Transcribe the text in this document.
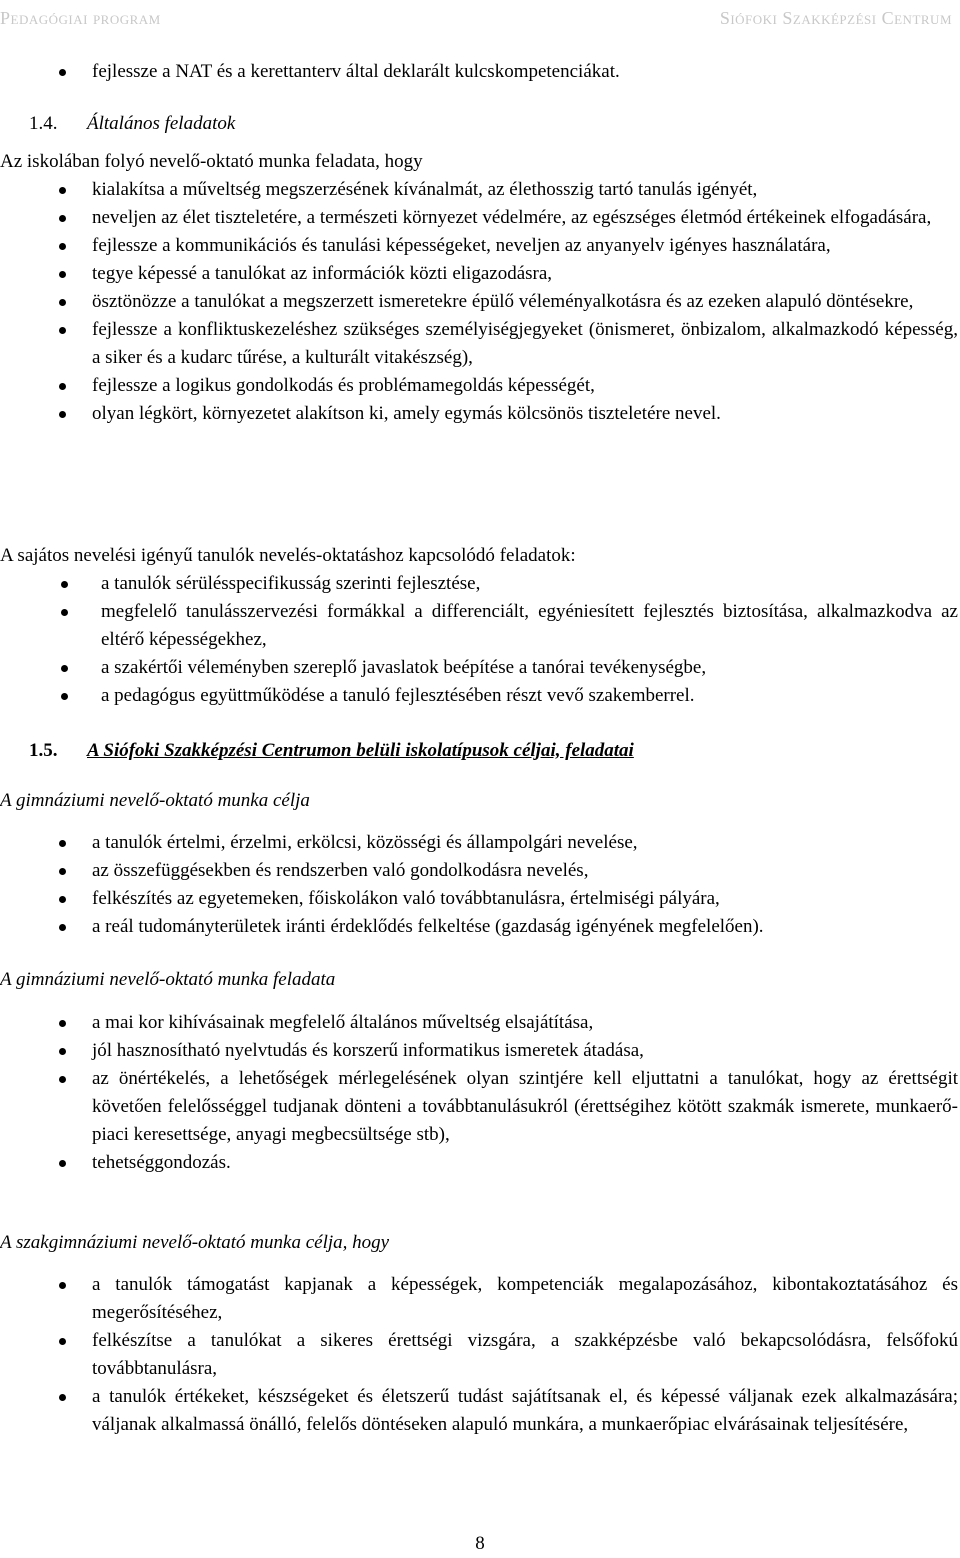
Pedagógiai program	Siófoki Szakképzési Centrum
fejlessze a NAT és a kerettanterv által deklarált kulcskompetenciákat.

1.4. Általános feladatok

Az iskolában folyó nevelő-oktató munka feladata, hogy

kialakítsa a műveltség megszerzésének kívánalmát, az élethosszig tartó tanulás igényét,
neveljen az élet tiszteletére, a természeti környezet védelmére, az egészséges életmód értékeinek elfogadására,
fejlessze a kommunikációs és tanulási képességeket, neveljen az anyanyelv igényes használatára,
tegye képessé a tanulókat az információk közti eligazodásra,
ösztönözze a tanulókat a megszerzett ismeretekre épülő véleményalkotásra és az ezeken alapuló döntésekre,
fejlessze a konfliktuskezeléshez szükséges személyiségjegyeket (önismeret, önbizalom, alkalmazkodó képesség, a siker és a kudarc tűrése, a kulturált vitakészség),
fejlessze a logikus gondolkodás és problémamegoldás képességét,
olyan légkört, környezetet alakítson ki, amely egymás kölcsönös tiszteletére nevel.

A sajátos nevelési igényű tanulók nevelés-oktatáshoz kapcsolódó feladatok:

a tanulók sérülésspecifikusság szerinti fejlesztése,
megfelelő tanulásszervezési formákkal a differenciált, egyéniesített fejlesztés biztosítása, alkalmazkodva az eltérő képességekhez,
a szakértői véleményben szereplő javaslatok beépítése a tanórai tevékenységbe,
a pedagógus együttműködése a tanuló fejlesztésében részt vevő szakemberrel.

1.5. A Siófoki Szakképzési Centrumon belüli iskolatípusok céljai, feladatai

A gimnáziumi nevelő-oktató munka célja

a tanulók értelmi, érzelmi, erkölcsi, közösségi és állampolgári nevelése,
az összefüggésekben és rendszerben való gondolkodásra nevelés,
felkészítés az egyetemeken, főiskolákon való továbbtanulásra, értelmiségi pályára,
a reál tudományterületek iránti érdeklődés felkeltése (gazdaság igényének megfelelően).

A gimnáziumi nevelő-oktató munka feladata

a mai kor kihívásainak megfelelő általános műveltség elsajátítása,
jól hasznosítható nyelvtudás és korszerű informatikus ismeretek átadása,
az önértékelés, a lehetőségek mérlegelésének olyan szintjére kell eljuttatni a tanulókat, hogy az érettségit követően felelősséggel tudjanak dönteni a továbbtanulásukról (érettségihez kötött szakmák ismerete, munkaerő-piaci keresettsége, anyagi megbecsültsége stb),
tehetséggondozás.

A szakgimnáziumi nevelő-oktató munka célja, hogy

a tanulók támogatást kapjanak a képességek, kompetenciák megalapozásához, kibontakoztatásához és megerősítéséhez,
felkészítse a tanulókat a sikeres érettségi vizsgára, a szakképzésbe való bekapcsolódásra, felsőfokú továbbtanulásra,
a tanulók értékeket, készségeket és életszerű tudást sajátítsanak el, és képessé váljanak ezek alkalmazására; váljanak alkalmassá önálló, felelős döntéseken alapuló munkára, a munkaerőpiac elvárásainak teljesítésére,
8
